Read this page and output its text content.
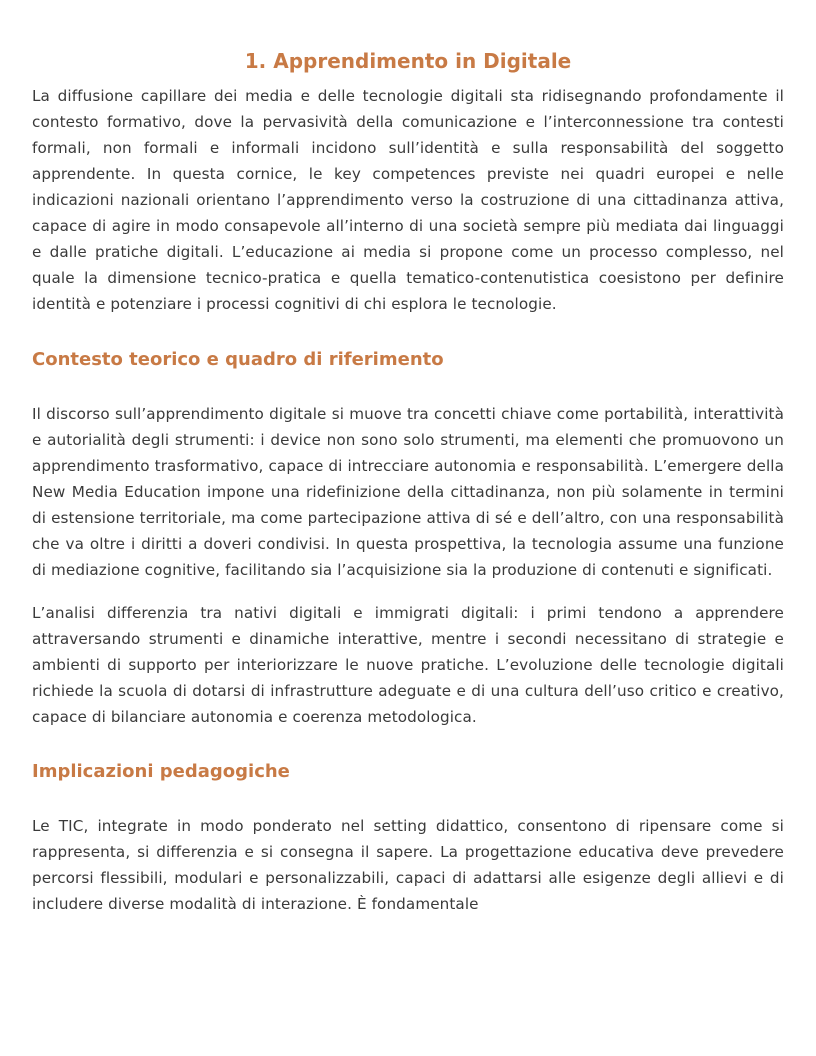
1. Apprendimento in Digitale

La diffusione capillare dei media e delle tecnologie digitali sta ridisegnando profondamente il contesto formativo, dove la pervasività della comunicazione e l’interconnessione tra contesti formali, non formali e informali incidono sull’identità e sulla responsabilità del soggetto apprendente. In questa cornice, le key competences previste nei quadri europei e nelle indicazioni nazionali orientano l’apprendimento verso la costruzione di una cittadinanza attiva, capace di agire in modo consapevole all’interno di una società sempre più mediata dai linguaggi e dalle pratiche digitali. L’educazione ai media si propone come un processo complesso, nel quale la dimensione tecnico-pratica e quella tematico-contenutistica coesistono per definire identità e potenziare i processi cognitivi di chi esplora le tecnologie.

Contesto teorico e quadro di riferimento

Il discorso sull’apprendimento digitale si muove tra concetti chiave come portabilità, interattività e autorialità degli strumenti: i device non sono solo strumenti, ma elementi che promuovono un apprendimento trasformativo, capace di intrecciare autonomia e responsabilità. L’emergere della New Media Education impone una ridefinizione della cittadinanza, non più solamente in termini di estensione territoriale, ma come partecipazione attiva di sé e dell’altro, con una responsabilità che va oltre i diritti a doveri condivisi. In questa prospettiva, la tecnologia assume una funzione di mediazione cognitive, facilitando sia l’acquisizione sia la produzione di contenuti e significati.

L’analisi differenzia tra nativi digitali e immigrati digitali: i primi tendono a apprendere attraversando strumenti e dinamiche interattive, mentre i secondi necessitano di strategie e ambienti di supporto per interiorizzare le nuove pratiche. L’evoluzione delle tecnologie digitali richiede la scuola di dotarsi di infrastrutture adeguate e di una cultura dell’uso critico e creativo, capace di bilanciare autonomia e coerenza metodologica.

Implicazioni pedagogiche

Le TIC, integrate in modo ponderato nel setting didattico, consentono di ripensare come si rappresenta, si differenzia e si consegna il sapere. La progettazione educativa deve prevedere percorsi flessibili, modulari e personalizzabili, capaci di adattarsi alle esigenze degli allievi e di includere diverse modalità di interazione. È fondamentale
